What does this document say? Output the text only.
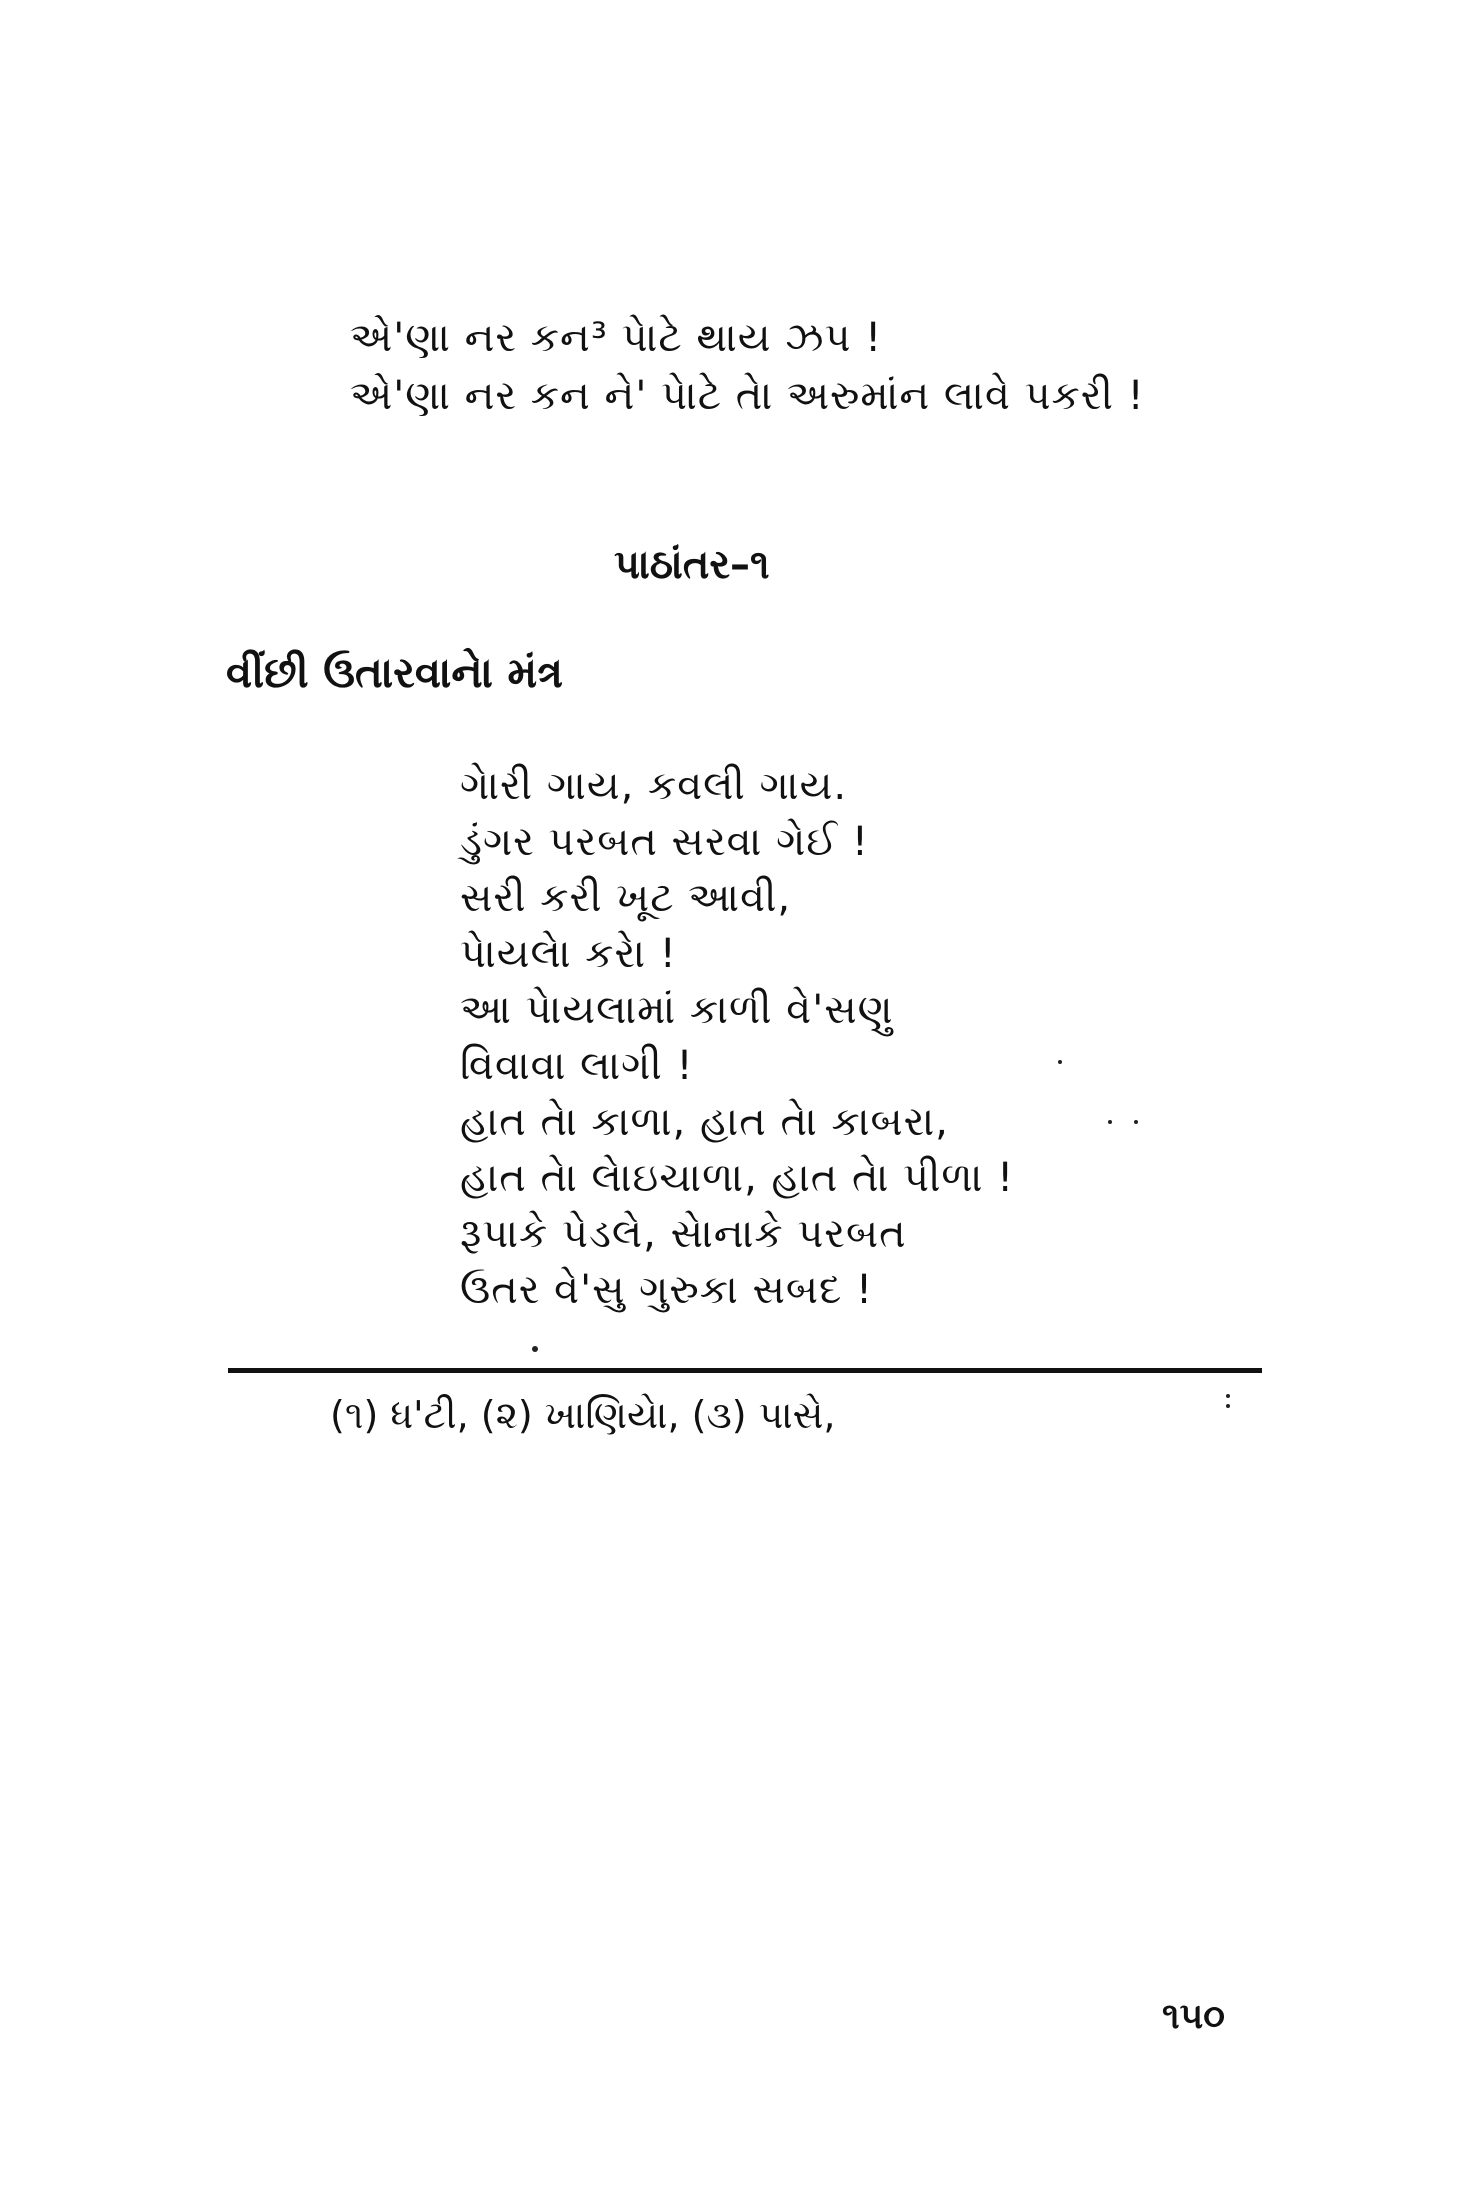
એ'ણા નર કન³ પેાટે થાય ઝપ !
એ'ણા નર કન ને' પેાટે તેા અરુમાંન લાવે પકરી !
પાઠાંતર–૧
વીંછી ઉતારવાનેા મંત્ર
ગેારી ગાય, કવલી ગાય.
ડુંગર પરબત સરવા ગેઈ !
સરી કરી ખૂટ આવી,
પેાયલેા કરેા !
આ પેાયલામાં કાળી વે'સણુ
વિવાવા લાગી !
હાત તેા કાળા, હાત તેા કાબરા,
હાત તેા લેાઇચાળા, હાત તેા પીળા !
રૂપાકે પેડલે, સેાનાકે પરબત
ઉતર વે'સુ ગુરુકા સબદ !
(૧) ધ'ટી, (૨) ખાણિયેા, (૩) પાસે,
૧૫૦
